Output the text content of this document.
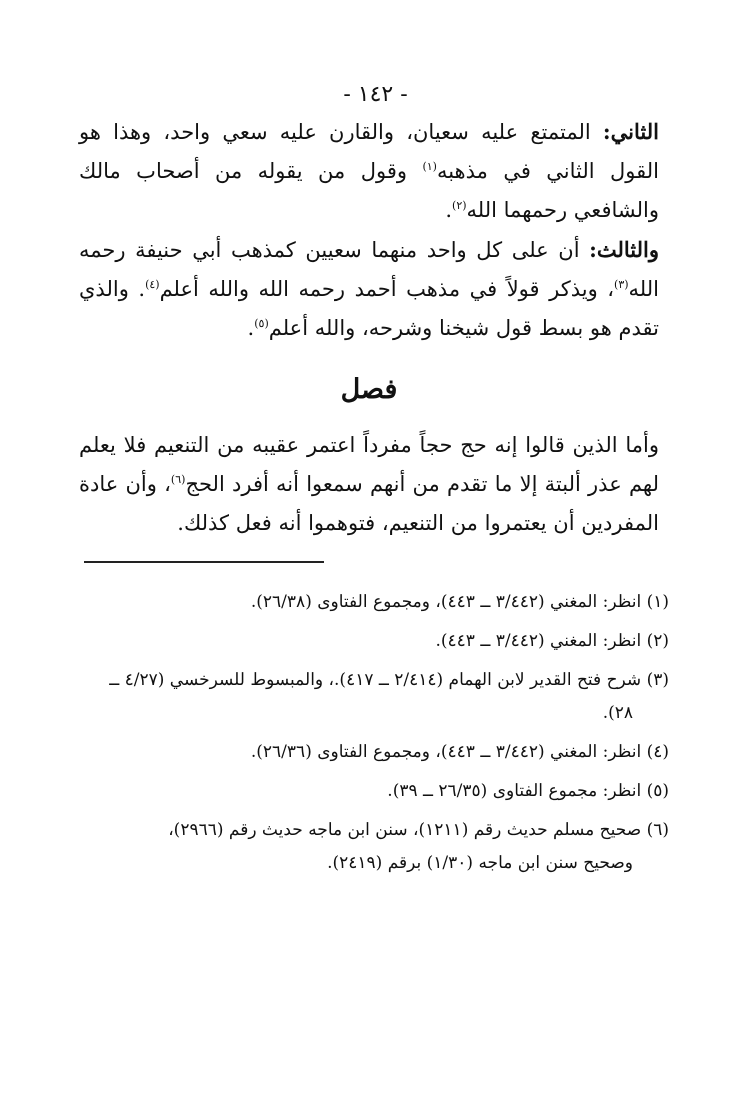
- ١٤٢ -

الثاني: المتمتع عليه سعيان، والقارن عليه سعي واحد، وهذا هو القول الثاني في مذهبه$^{(١)}$ وقول من يقوله من أصحاب مالك والشافعي رحمهما الله$^{(٢)}$.

والثالث: أن على كل واحد منهما سعيين كمذهب أبي حنيفة رحمه الله$^{(٣)}$، ويذكر قولاً في مذهب أحمد رحمه الله والله أعلم$^{(٤)}$. والذي تقدم هو بسط قول شيخنا وشرحه، والله أعلم$^{(٥)}$.

فصل

وأما الذين قالوا إنه حج حجاً مفرداً اعتمر عقيبه من التنعيم فلا يعلم لهم عذر ألبتة إلا ما تقدم من أنهم سمعوا أنه أفرد الحج$^{(٦)}$، وأن عادة المفردين أن يعتمروا من التنعيم، فتوهموا أنه فعل كذلك.

(١) انظر: المغني (٣/٤٤٢ ــ ٤٤٣)، ومجموع الفتاوى (٢٦/٣٨).
(٢) انظر: المغني (٣/٤٤٢ ــ ٤٤٣).
(٣) شرح فتح القدير لابن الهمام (٢/٤١٤ ــ ٤١٧).، والمبسوط للسرخسي (٤/٢٧ ــ
٢٨).
(٤) انظر: المغني (٣/٤٤٢ ــ ٤٤٣)، ومجموع الفتاوى (٢٦/٣٦).
(٥) انظر: مجموع الفتاوى (٢٦/٣٥ ــ ٣٩).
(٦) صحيح مسلم حديث رقم (١٢١١)، سنن ابن ماجه حديث رقم (٢٩٦٦)،
وصحيح سنن ابن ماجه (١/٣٠) برقم (٢٤١٩).
